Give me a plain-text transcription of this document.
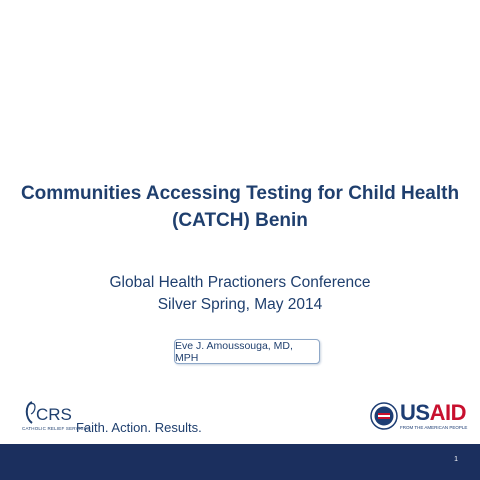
Communities Accessing Testing for Child Health
(CATCH) Benin
Global Health Practioners Conference
Silver Spring, May 2014
Eve J. Amoussouga, MD, MPH
CRS
CATHOLIC RELIEF SERVICES
Faith. Action. Results.
USAID
FROM THE AMERICAN PEOPLE
1
